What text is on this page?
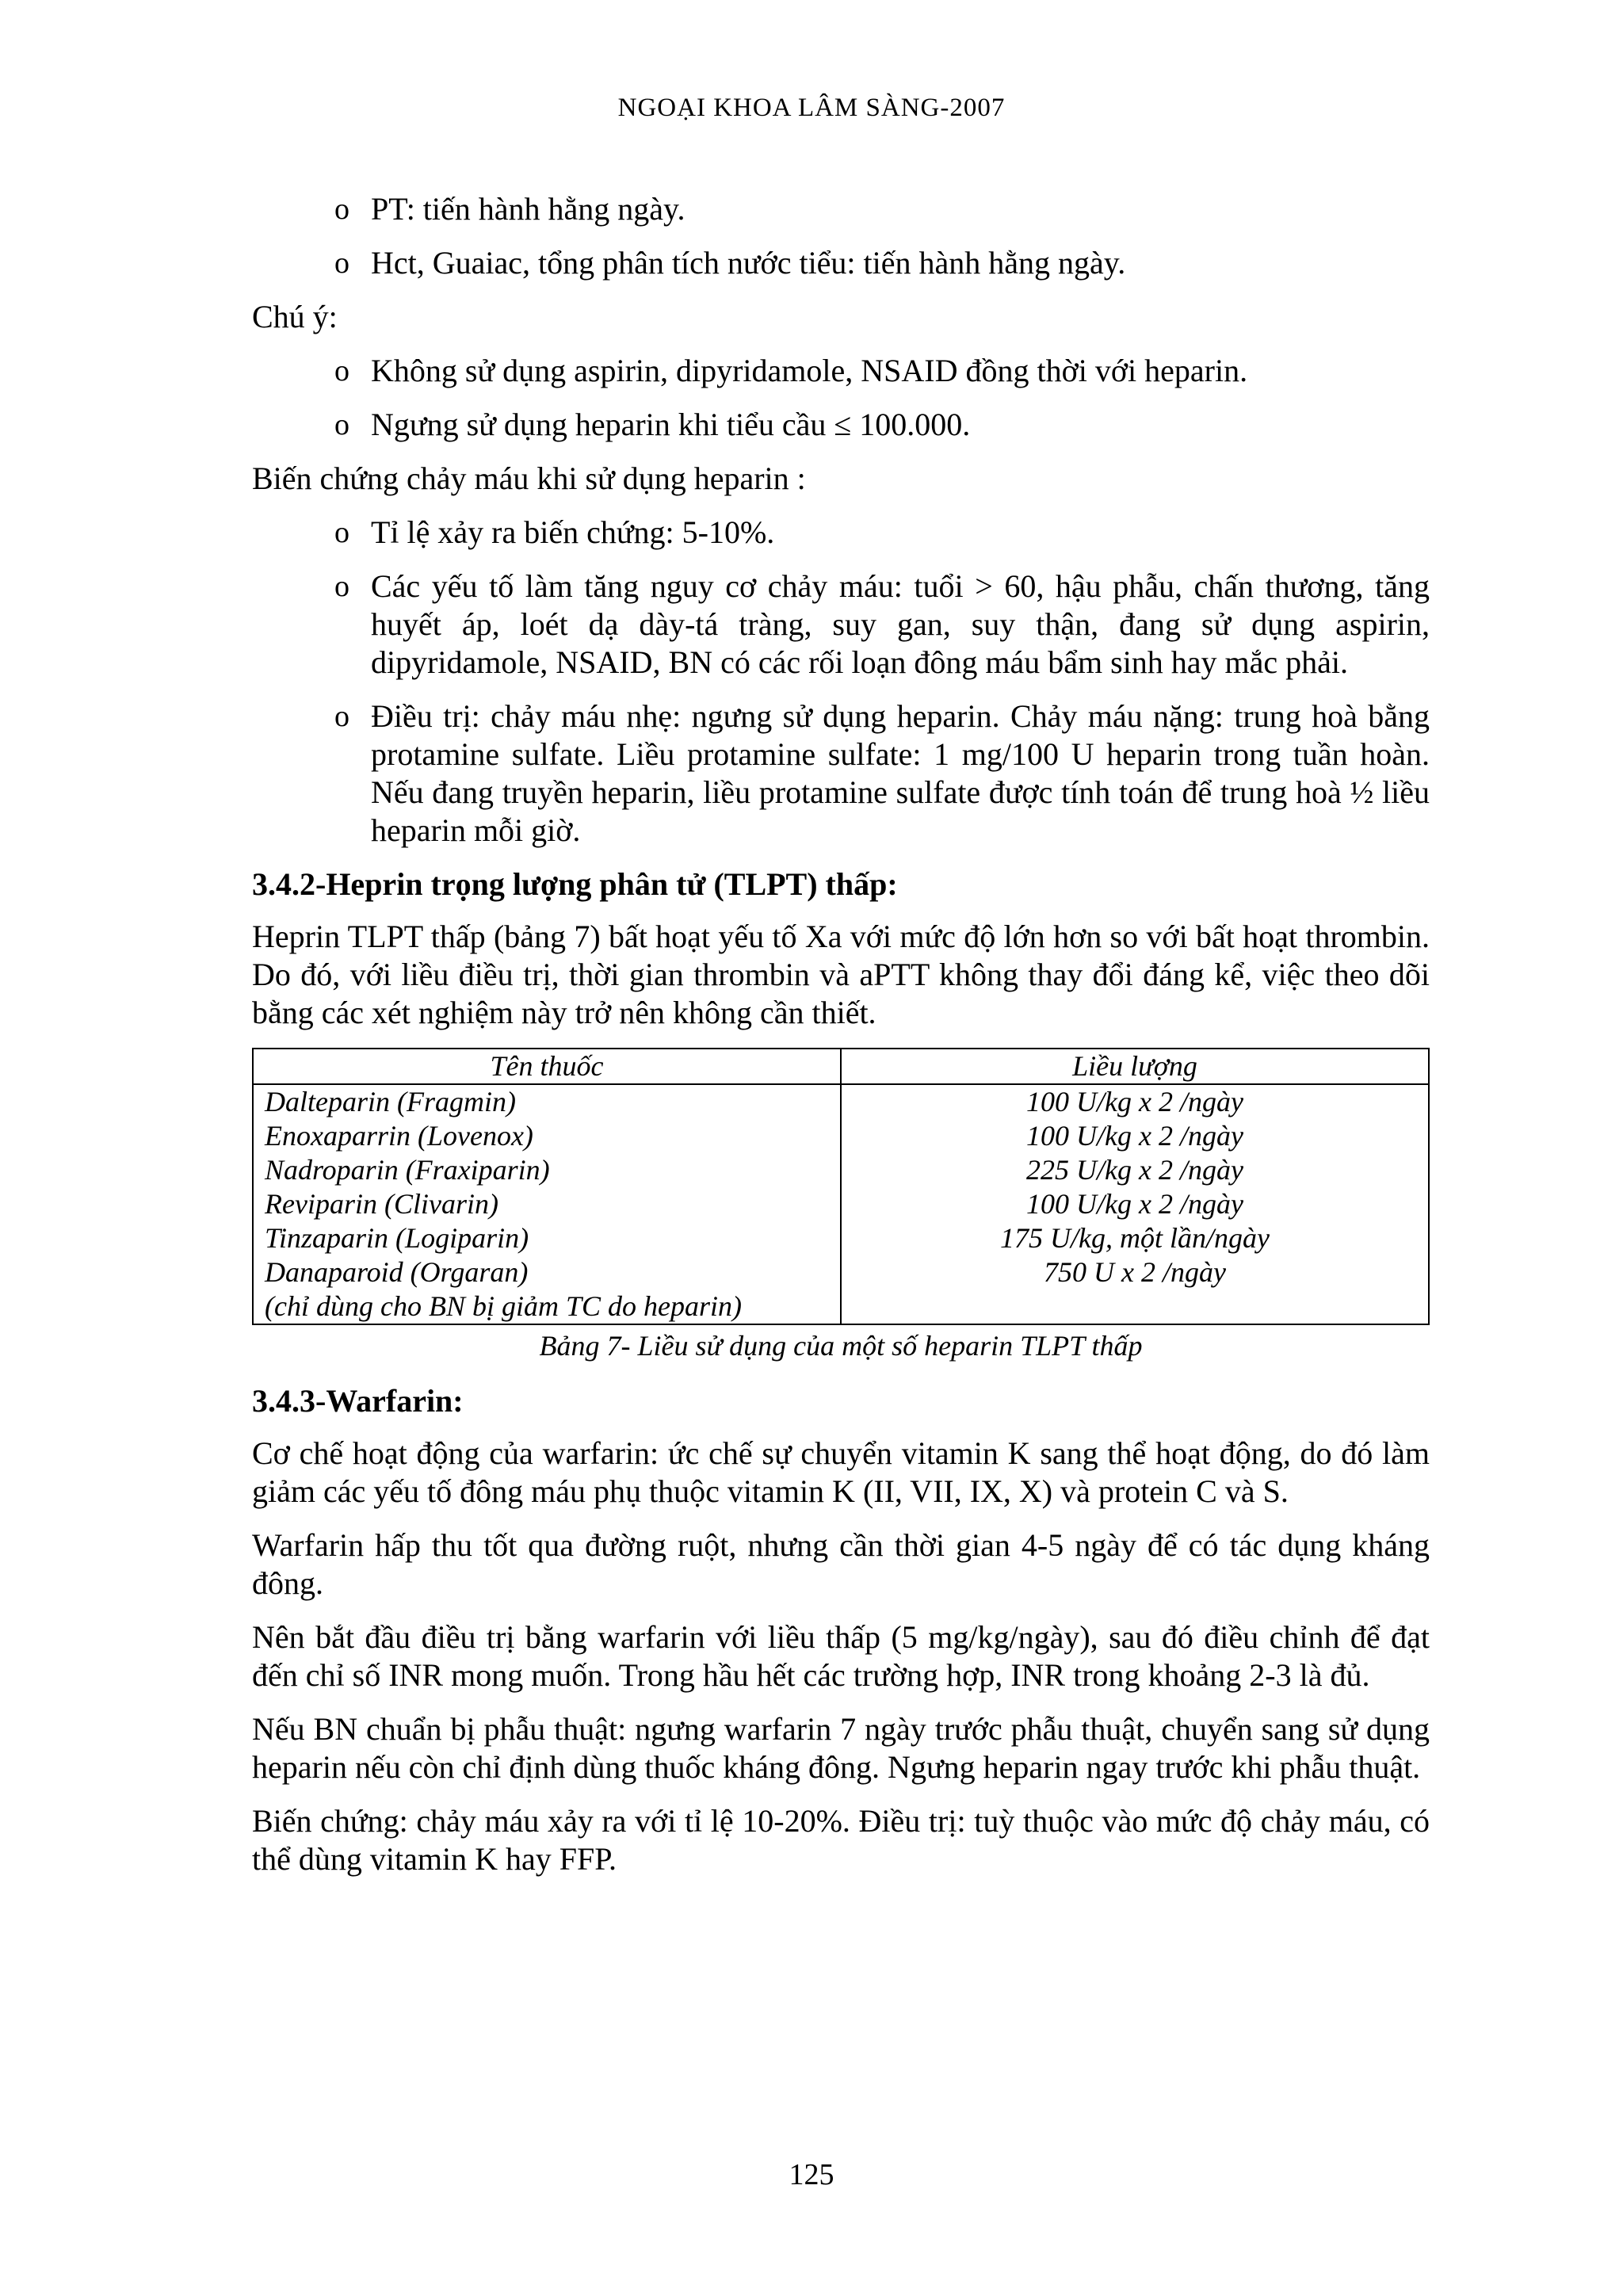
NGOẠI KHOA LÂM SÀNG-2007
o PT: tiến hành hằng ngày.
o Hct, Guaiac, tổng phân tích nước tiểu: tiến hành hằng ngày.
Chú ý:
o Không sử dụng aspirin, dipyridamole, NSAID đồng thời với heparin.
o Ngưng sử dụng heparin khi tiểu cầu ≤ 100.000.
Biến chứng chảy máu khi sử dụng heparin :
o Tỉ lệ xảy ra biến chứng: 5-10%.
o Các yếu tố làm tăng nguy cơ chảy máu: tuổi > 60, hậu phẫu, chấn thương, tăng huyết áp, loét dạ dày-tá tràng, suy gan, suy thận, đang sử dụng aspirin, dipyridamole, NSAID, BN có các rối loạn đông máu bẩm sinh hay mắc phải.
o Điều trị: chảy máu nhẹ: ngưng sử dụng heparin. Chảy máu nặng: trung hoà bằng protamine sulfate. Liều protamine sulfate: 1 mg/100 U heparin trong tuần hoàn. Nếu đang truyền heparin, liều protamine sulfate được tính toán để trung hoà ½ liều heparin mỗi giờ.
3.4.2-Heprin trọng lượng phân tử (TLPT) thấp:
Heprin TLPT thấp (bảng 7) bất hoạt yếu tố Xa với mức độ lớn hơn so với bất hoạt thrombin. Do đó, với liều điều trị, thời gian thrombin và aPTT không thay đổi đáng kể, việc theo dõi bằng các xét nghiệm này trở nên không cần thiết.
Tên thuốc	Liều lượng
Dalteparin (Fragmin)	100 U/kg x 2 /ngày
Enoxaparrin (Lovenox)	100 U/kg x 2 /ngày
Nadroparin (Fraxiparin)	225 U/kg x 2 /ngày
Reviparin (Clivarin)	100 U/kg x 2 /ngày
Tinzaparin (Logiparin)	175 U/kg, một lần/ngày
Danaparoid (Orgaran)	750 U x 2 /ngày
(chỉ dùng cho BN bị giảm TC do heparin)	
Bảng 7- Liều sử dụng của một số heparin TLPT thấp
3.4.3-Warfarin:
Cơ chế hoạt động của warfarin: ức chế sự chuyển vitamin K sang thể hoạt động, do đó làm giảm các yếu tố đông máu phụ thuộc vitamin K (II, VII, IX, X) và protein C và S.
Warfarin hấp thu tốt qua đường ruột, nhưng cần thời gian 4-5 ngày để có tác dụng kháng đông.
Nên bắt đầu điều trị bằng warfarin với liều thấp (5 mg/kg/ngày), sau đó điều chỉnh để đạt đến chỉ số INR mong muốn. Trong hầu hết các trường hợp, INR trong khoảng 2-3 là đủ.
Nếu BN chuẩn bị phẫu thuật: ngưng warfarin 7 ngày trước phẫu thuật, chuyển sang sử dụng heparin nếu còn chỉ định dùng thuốc kháng đông. Ngưng heparin ngay trước khi phẫu thuật.
Biến chứng: chảy máu xảy ra với tỉ lệ 10-20%. Điều trị: tuỳ thuộc vào mức độ chảy máu, có thể dùng vitamin K hay FFP.
125
